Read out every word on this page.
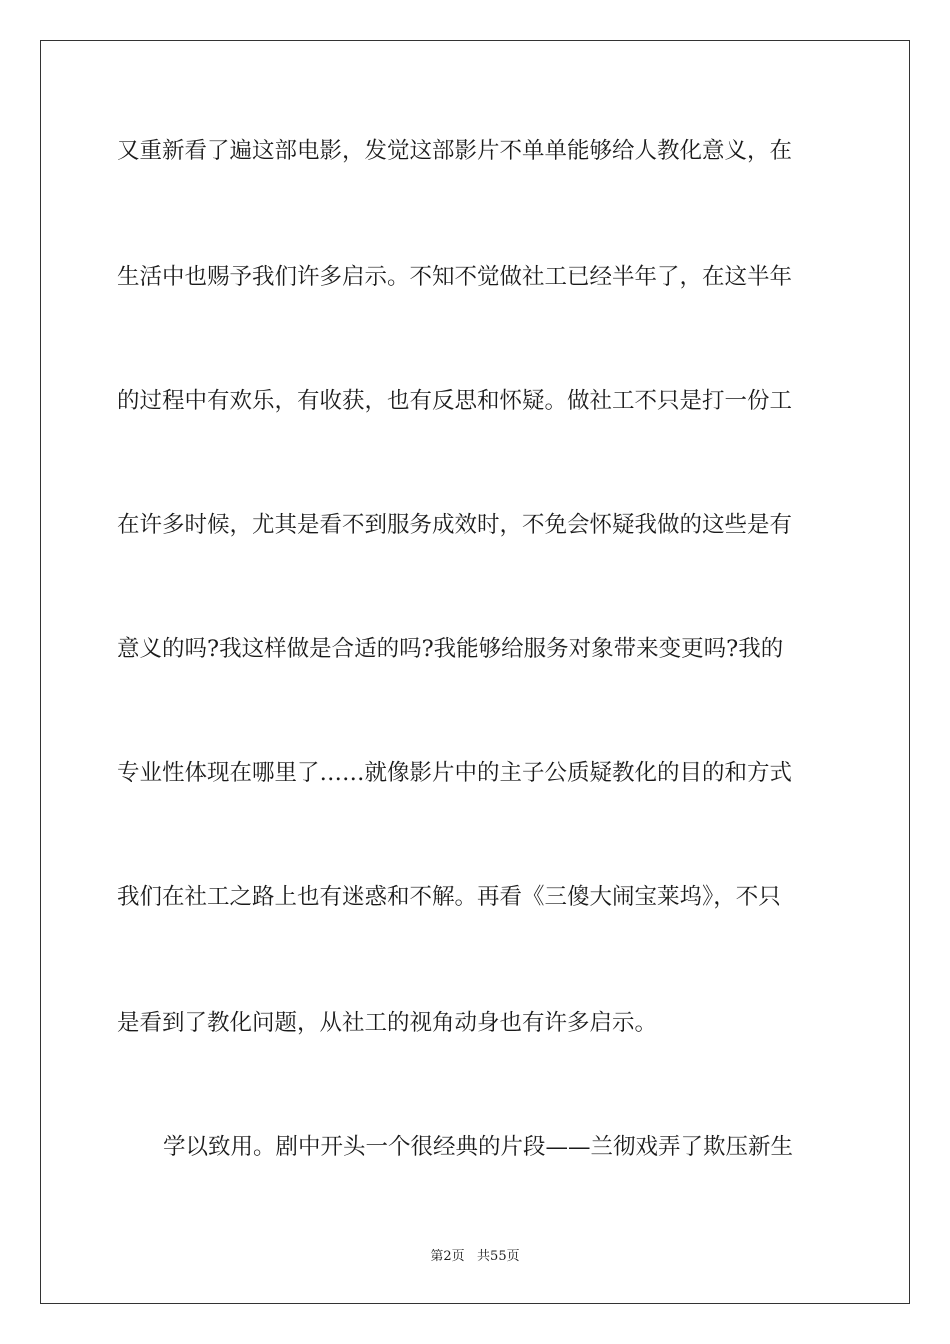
又重新看了遍这部电影，发觉这部影片不单单能够给人教化意义，在
生活中也赐予我们许多启示。不知不觉做社工已经半年了，在这半年
的过程中有欢乐，有收获，也有反思和怀疑。做社工不只是打一份工
在许多时候，尤其是看不到服务成效时，不免会怀疑我做的这些是有
意义的吗?我这样做是合适的吗?我能够给服务对象带来变更吗?我的
专业性体现在哪里了……就像影片中的主子公质疑教化的目的和方式
我们在社工之路上也有迷惑和不解。再看《三傻大闹宝莱坞》，不只
是看到了教化问题，从社工的视角动身也有许多启示。
学以致用。剧中开头一个很经典的片段——兰彻戏弄了欺压新生
第2页   共55页
